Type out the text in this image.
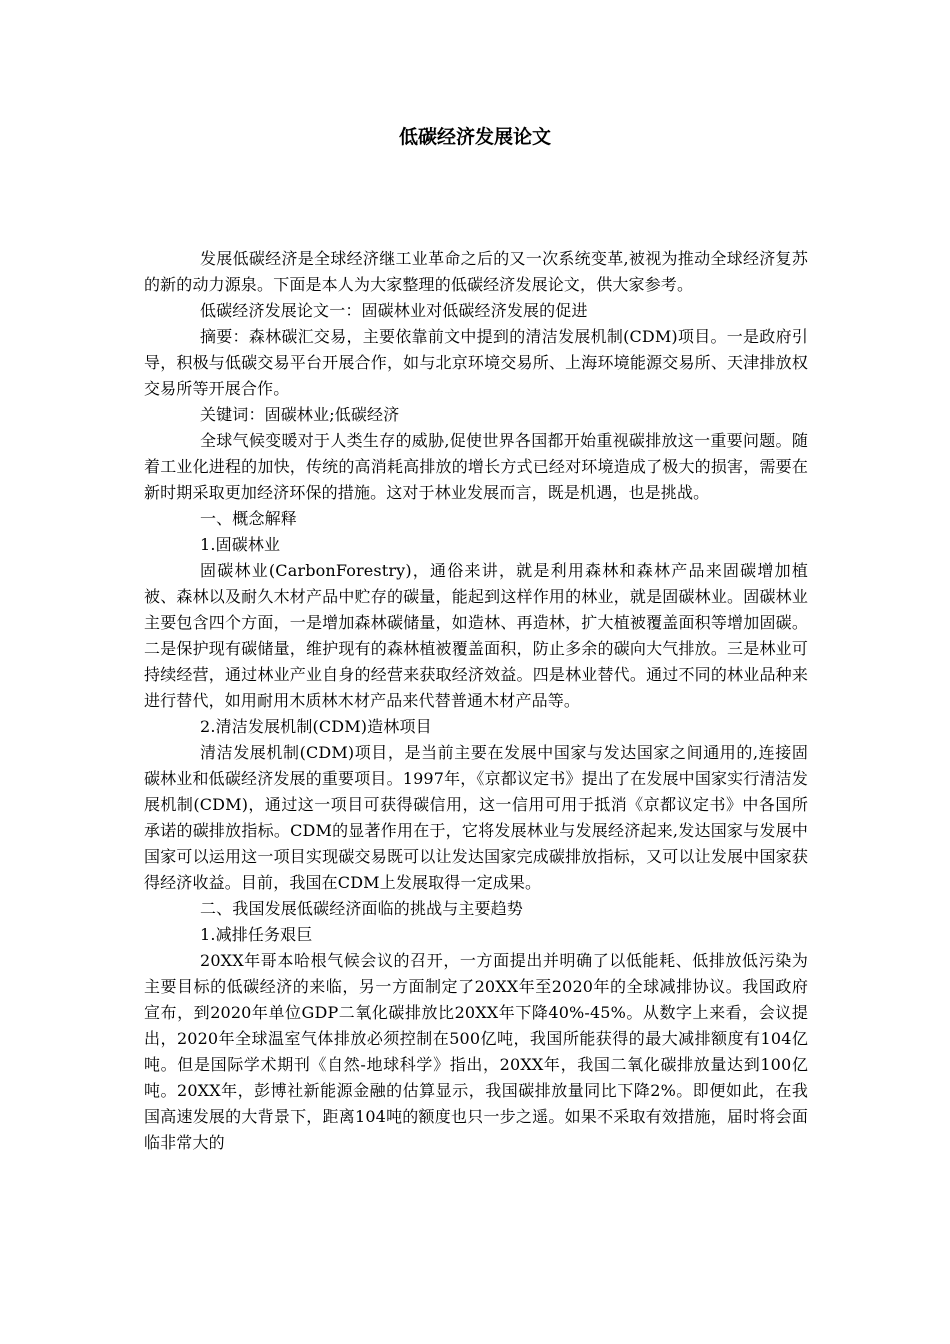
低碳经济发展论文

发展低碳经济是全球经济继工业革命之后的又一次系统变革,被视为推动全球经济复苏的新的动力源泉。下面是本人为大家整理的低碳经济发展论文，供大家参考。

低碳经济发展论文一：固碳林业对低碳经济发展的促进

摘要：森林碳汇交易，主要依靠前文中提到的清洁发展机制(CDM)项目。一是政府引导，积极与低碳交易平台开展合作，如与北京环境交易所、上海环境能源交易所、天津排放权交易所等开展合作。

关键词：固碳林业;低碳经济

全球气候变暖对于人类生存的威胁,促使世界各国都开始重视碳排放这一重要问题。随着工业化进程的加快，传统的高消耗高排放的增长方式已经对环境造成了极大的损害，需要在新时期采取更加经济环保的措施。这对于林业发展而言，既是机遇，也是挑战。

一、概念解释

1.固碳林业

固碳林业(CarbonForestry)，通俗来讲，就是利用森林和森林产品来固碳增加植被、森林以及耐久木材产品中贮存的碳量，能起到这样作用的林业，就是固碳林业。固碳林业主要包含四个方面，一是增加森林碳储量，如造林、再造林，扩大植被覆盖面积等增加固碳。二是保护现有碳储量，维护现有的森林植被覆盖面积，防止多余的碳向大气排放。三是林业可持续经营，通过林业产业自身的经营来获取经济效益。四是林业替代。通过不同的林业品种来进行替代，如用耐用木质林木材产品来代替普通木材产品等。

2.清洁发展机制(CDM)造林项目

清洁发展机制(CDM)项目，是当前主要在发展中国家与发达国家之间通用的,连接固碳林业和低碳经济发展的重要项目。1997年，《京都议定书》提出了在发展中国家实行清洁发展机制(CDM)，通过这一项目可获得碳信用，这一信用可用于抵消《京都议定书》中各国所承诺的碳排放指标。CDM的显著作用在于，它将发展林业与发展经济起来,发达国家与发展中国家可以运用这一项目实现碳交易既可以让发达国家完成碳排放指标，又可以让发展中国家获得经济收益。目前，我国在CDM上发展取得一定成果。

二、我国发展低碳经济面临的挑战与主要趋势

1.减排任务艰巨

20XX年哥本哈根气候会议的召开，一方面提出并明确了以低能耗、低排放低污染为主要目标的低碳经济的来临，另一方面制定了20XX年至2020年的全球减排协议。我国政府宣布，到2020年单位GDP二氧化碳排放比20XX年下降40%-45%。从数字上来看，会议提出，2020年全球温室气体排放必须控制在500亿吨，我国所能获得的最大减排额度有104亿吨。但是国际学术期刊《自然-地球科学》指出，20XX年，我国二氧化碳排放量达到100亿吨。20XX年，彭博社新能源金融的估算显示，我国碳排放量同比下降2%。即便如此，在我国高速发展的大背景下，距离104吨的额度也只一步之遥。如果不采取有效措施，届时将会面临非常大的
